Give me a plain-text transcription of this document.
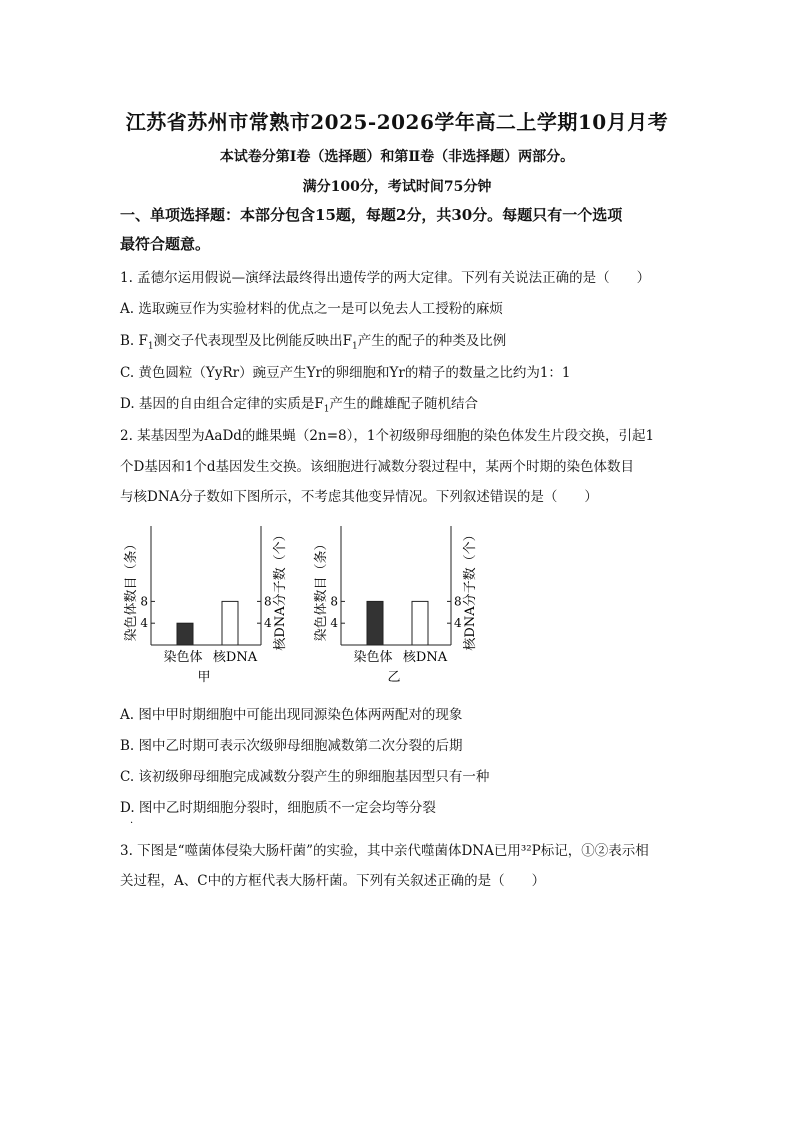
江苏省苏州市常熟市2025-2026学年高二上学期10月月考
本试卷分第Ⅰ卷（选择题）和第Ⅱ卷（非选择题）两部分。
满分100分，考试时间75分钟
一、单项选择题：本部分包含15题，每题2分，共30分。每题只有一个选项
最符合题意。
1. 孟德尔运用假说—演绎法最终得出遗传学的两大定律。下列有关说法正确的是（　　）
A. 选取豌豆作为实验材料的优点之一是可以免去人工授粉的麻烦
B. $F_1$测交子代表现型及比例能反映出$F_1$产生的配子的种类及比例
C. 黄色圆粒（YyRr）豌豆产生Yr的卵细胞和Yr的精子的数量之比约为1：1
D. 基因的自由组合定律的实质是$F_1$产生的雌雄配子随机结合
2. 某基因型为AaDd的雌果蝇（2n=8），1个初级卵母细胞的染色体发生片段交换，引起1
个D基因和1个d基因发生交换。该细胞进行减数分裂过程中，某两个时期的染色体数目
与核DNA分子数如下图所示，不考虑其他变异情况。下列叙述错误的是（　　）
4	4
8	8
染色体 核DNA
甲
染色体数目（条）	核DNA分子数（个）	4	4
8	8
染色体 核DNA
乙
染色体数目（条）	核DNA分子数（个）
A. 图中甲时期细胞中可能出现同源染色体两两配对的现象
B. 图中乙时期可表示次级卵母细胞减数第二次分裂的后期
C. 该初级卵母细胞完成减数分裂产生的卵细胞基因型只有一种
D. 图中乙时期细胞分裂时，细胞质不一定会均等分裂
·
3. 下图是“噬菌体侵染大肠杆菌”的实验，其中亲代噬菌体DNA已用³²P标记，①②表示相
关过程，A、C中的方框代表大肠杆菌。下列有关叙述正确的是（　　）
